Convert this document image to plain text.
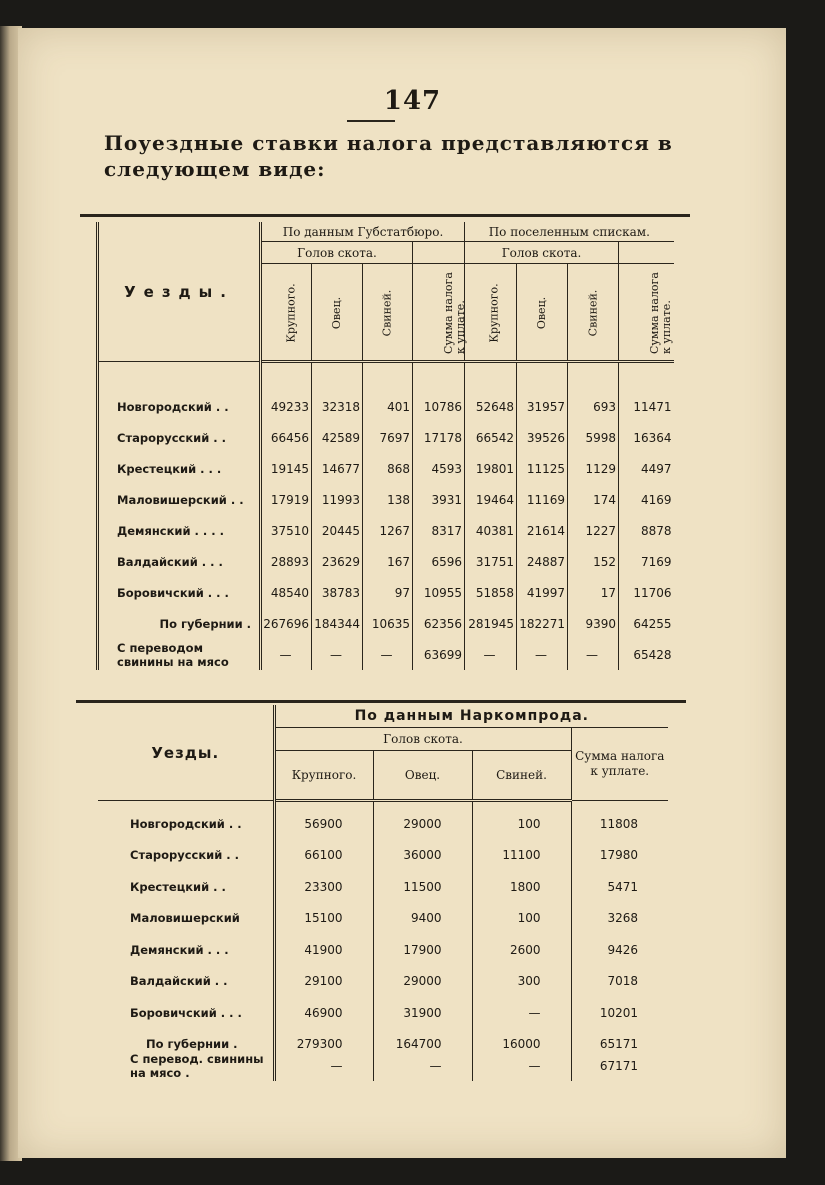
147
Поуездные ставки налога представляются в следующем виде:
Уезды.	По данным Губстатбюро.				По поселенным спискам.			
	Голов скота.				Голов скота.			
	Крупного.	Овец.	Свиней.	Сумма налога к уплате.	Крупного.	Овец.	Свиней.	Сумма налога к уплате.

Новгородский . .	49233	32318	401	10786	52648	31957	693	11471
Старорусский . .	66456	42589	7697	17178	66542	39526	5998	16364
Крестецкий . . .	19145	14677	868	4593	19801	11125	1129	4497
Маловишерский . .	17919	11993	138	3931	19464	11169	174	4169
Демянский . . . .	37510	20445	1267	8317	40381	21614	1227	8878
Валдайский . . .	28893	23629	167	6596	31751	24887	152	7169
Боровичский . . .	48540	38783	97	10955	51858	41997	17	11706
По губернии .	267696	184344	10635	62356	281945	182271	9390	64255
С переводом свинины на мясо	—	—	—	63699	—	—	—	65428
Уезды.	По данным Наркомпрода.			
	Голов скота.			Сумма налога к уплате.
	Крупного.	Овец.	Свиней.	

Новгородский . .	56900	29000	100	11808
Старорусский . .	66100	36000	11100	17980
Крестецкий . .	23300	11500	1800	5471
Маловишерский	15100	9400	100	3268
Демянский . . .	41900	17900	2600	9426
Валдайский . .	29100	29000	300	7018
Боровичский . . .	46900	31900	—	10201
По губернии .	279300	164700	16000	65171
С перевод. свинины на мясо .	—	—	—	67171
